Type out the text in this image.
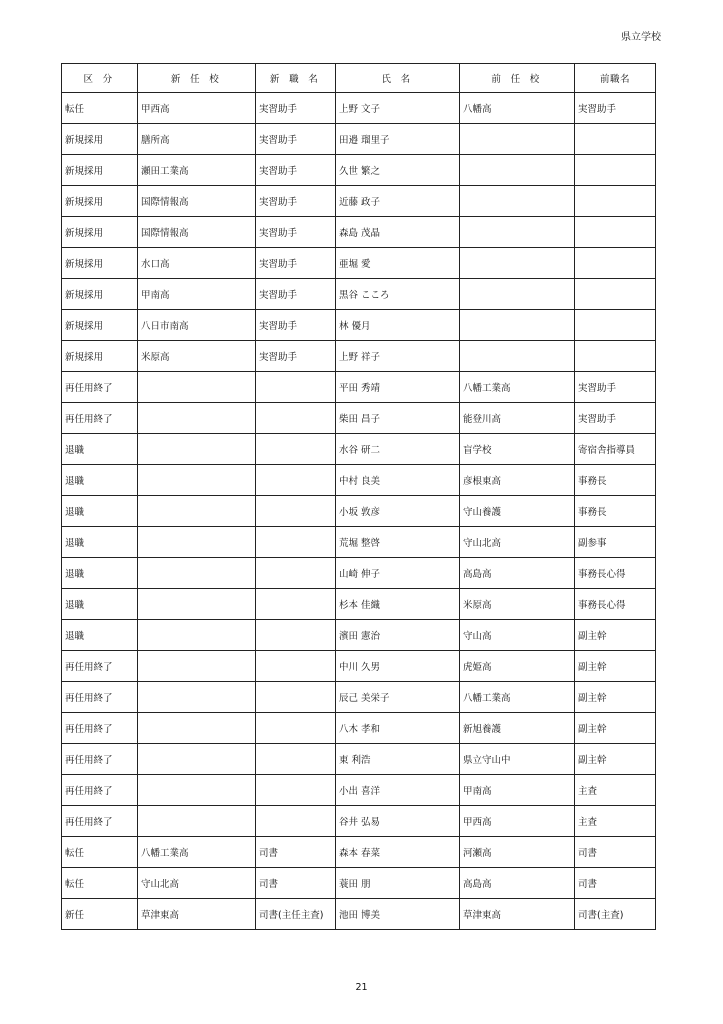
県立学校
区 分	新 任 校	新 職 名	氏 名	前 任 校	前職名
転任	甲西高	実習助手	上野 文子	八幡高	実習助手
新規採用	膳所高	実習助手	田邉 瑠里子		
新規採用	瀬田工業高	実習助手	久世 繁之		
新規採用	国際情報高	実習助手	近藤 政子		
新規採用	国際情報高	実習助手	森島 茂晶		
新規採用	水口高	実習助手	亜堀 愛		
新規採用	甲南高	実習助手	黒谷 こころ		
新規採用	八日市南高	実習助手	林 優月		
新規採用	米原高	実習助手	上野 祥子		
再任用終了			平田 秀靖	八幡工業高	実習助手
再任用終了			柴田 昌子	能登川高	実習助手
退職			水谷 研二	盲学校	寄宿舎指導員
退職			中村 良美	彦根東高	事務長
退職			小坂 敦彦	守山養護	事務長
退職			荒堀 整啓	守山北高	副参事
退職			山崎 伸子	高島高	事務長心得
退職			杉本 佳織	米原高	事務長心得
退職			濱田 憲治	守山高	副主幹
再任用終了			中川 久男	虎姫高	副主幹
再任用終了			辰己 美栄子	八幡工業高	副主幹
再任用終了			八木 孝和	新旭養護	副主幹
再任用終了			東 利浩	県立守山中	副主幹
再任用終了			小出 喜洋	甲南高	主査
再任用終了			谷井 弘易	甲西高	主査
転任	八幡工業高	司書	森本 春菜	河瀬高	司書
転任	守山北高	司書	蓑田 朋	高島高	司書
新任	草津東高	司書(主任主査)	池田 博美	草津東高	司書(主査)
21
